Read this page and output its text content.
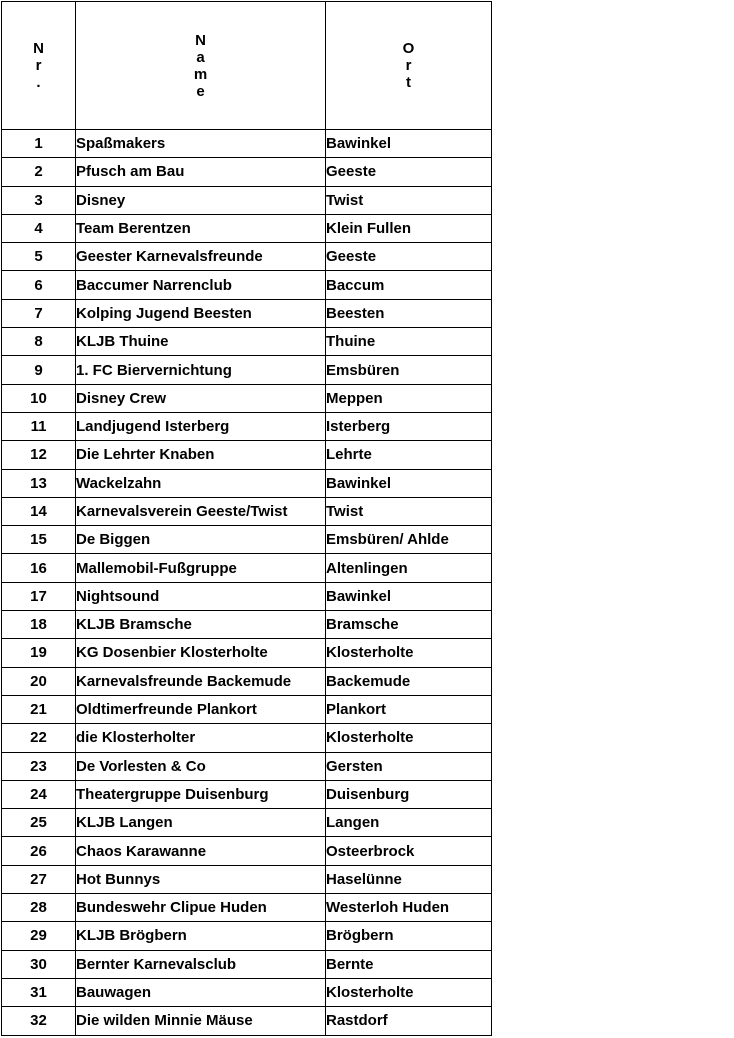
N
r
.	N
a
m
e	O
r
t

1	Spaßmakers	Bawinkel
2	Pfusch am Bau	Geeste
3	Disney	Twist
4	Team Berentzen	Klein Fullen
5	Geester Karnevalsfreunde	Geeste
6	Baccumer Narrenclub	Baccum
7	Kolping Jugend Beesten	Beesten
8	KLJB Thuine	Thuine
9	1. FC Biervernichtung	Emsbüren
10	Disney Crew	Meppen
11	Landjugend Isterberg	Isterberg
12	Die Lehrter Knaben	Lehrte
13	Wackelzahn	Bawinkel
14	Karnevalsverein Geeste/Twist	Twist
15	De Biggen	Emsbüren/ Ahlde
16	Mallemobil-Fußgruppe	Altenlingen
17	Nightsound	Bawinkel
18	KLJB Bramsche	Bramsche
19	KG Dosenbier Klosterholte	Klosterholte
20	Karnevalsfreunde Backemude	Backemude
21	Oldtimerfreunde Plankort	Plankort
22	die Klosterholter	Klosterholte
23	De Vorlesten & Co	Gersten
24	Theatergruppe Duisenburg	Duisenburg
25	KLJB Langen	Langen
26	Chaos Karawanne	Osteerbrock
27	Hot Bunnys	Haselünne
28	Bundeswehr Clipue Huden	Westerloh Huden
29	KLJB Brögbern	Brögbern
30	Bernter Karnevalsclub	Bernte
31	Bauwagen	Klosterholte
32	Die wilden Minnie Mäuse	Rastdorf
